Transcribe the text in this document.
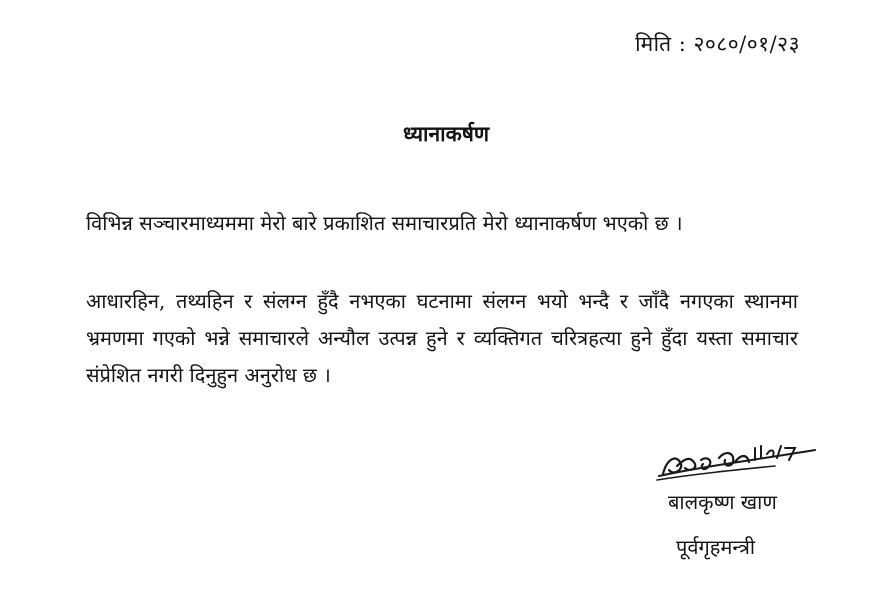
मिति : २०८०/०१/२३
ध्यानाकर्षण
विभिन्न सञ्चारमाध्यममा मेरो बारे प्रकाशित समाचारप्रति मेरो ध्यानाकर्षण भएको छ ।
आधारहिन, तथ्यहिन र संलग्न हुँदै नभएका घटनामा संलग्न भयो भन्दै र जाँदै नगएका स्थानमा भ्रमणमा गएको भन्ने समाचारले अन्यौल उत्पन्न हुने र व्यक्तिगत चरित्रहत्या हुने हुँदा यस्ता समाचार संप्रेशित नगरी दिनुहुन अनुरोध छ ।
बालकृष्ण खाण
पूर्वगृहमन्त्री
